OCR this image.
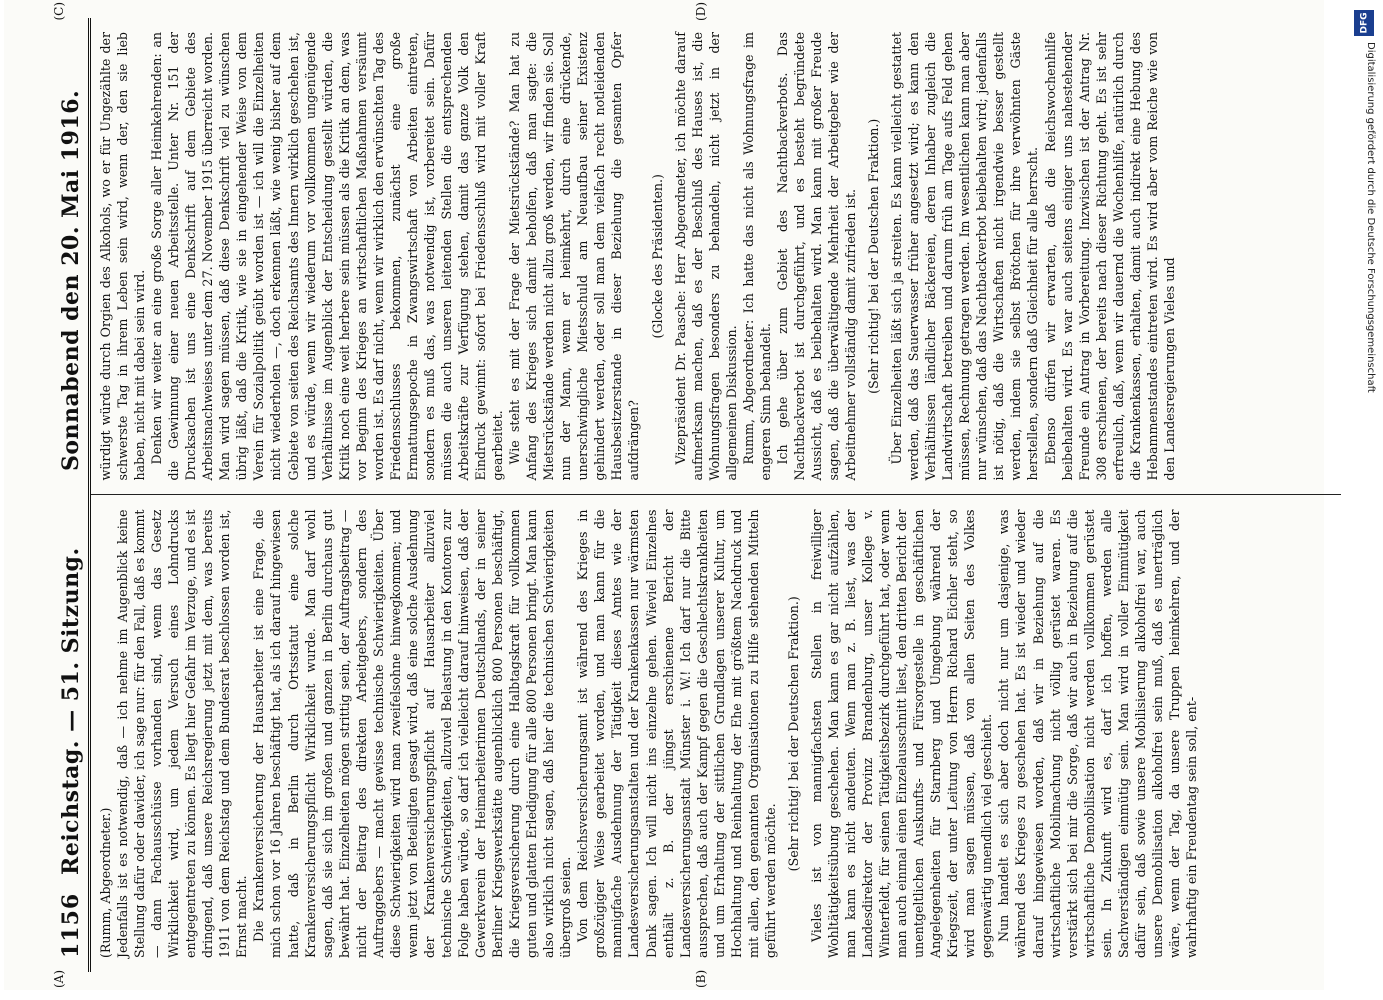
1156
Reichstag. — 51. Sitzung.  Sonnabend den 20. Mai 1916.

(Rumm, Abgeordneter.) Jedenfalls ist es notwendig, daß — ich nehme im Augenblick keine Stellung dafür oder dawider, ich sage nur: für den Fall, daß es kommt — dann Fachausschüsse vorhanden sind, wenn das Gesetz Wirklichkeit wird, um jedem Versuch eines Lohndrucks entgegentreten zu können. Es liegt hier Gefahr im Verzuge, und es ist dringend, daß unsere Reichsregierung jetzt mit dem, was bereits 1911 von dem Reichstag und dem Bundesrat beschlossen worden ist, Ernst macht. Die Krankenversicherung der Hausarbeiter ist eine Frage, die mich schon vor 16 Jahren beschäftigt hat, als ich darauf hingewiesen hatte, daß in Berlin durch Ortsstatut eine solche Krankenversicherungspflicht Wirklichkeit wurde. Man darf wohl sagen, daß sie sich im großen und ganzen in Berlin durchaus gut bewährt hat. Einzelheiten mögen strittig sein, der Auftragsbeitrag — nicht der Beitrag des direkten Arbeitgebers, sondern des Auftraggebers — macht gewisse technische Schwierigkeiten. Über diese Schwierigkeiten wird man zweifelsohne hinwegkommen; und wenn jetzt von Beteiligten gesagt wird, daß eine solche Ausdehnung der Krankenversicherungspflicht auf Hausarbeiter allzuviel technische Schwierigkeiten, allzuviel Belastung in den Kontoren zur Folge haben würde, so darf ich vielleicht darauf hinweisen, daß der Gewerkverein der Heimarbeiterinnen Deutschlands, der in seiner Berliner Kriegswerkstätte augenblicklich 800 Personen beschäftigt, die Kriegsversicherung durch eine Halbtagskraft für vollkommen guten und glatten Erledigung für alle 800 Personen bringt. Man kann also wirklich nicht sagen, daß hier die technischen Schwierigkeiten übergroß seien. Von dem Reichsversicherungsamt ist während des Krieges in großzügiger Weise gearbeitet worden, und man kann für die mannigfache Ausdehnung der Tätigkeit dieses Amtes wie der Landesversicherungsanstalten und der Krankenkassen nur wärmsten Dank sagen. Ich will nicht ins einzelne gehen. Wieviel Einzelnes enthält z. B. der jüngst erschienene Bericht der Landesversicherungsanstalt Münster i. W.! Ich darf nur die Bitte aussprechen, daß auch der Kampf gegen die Geschlechtskrankheiten und um Erhaltung der sittlichen Grundlagen unserer Kultur, um Hochhaltung und Reinhaltung der Ehe mit größtem Nachdruck und mit allen, den genannten Organisationen zu Hilfe stehenden Mitteln geführt werden möchte.

(Sehr richtig! bei der Deutschen Fraktion.) Vieles ist von mannigfachsten Stellen in freiwilliger Wohltätigkeitsübung geschehen. Man kann es gar nicht aufzählen, man kann es nicht andeuten. Wenn man z. B. liest, was der Landesdirektor der Provinz Brandenburg, unser Kollege v. Winterfeldt, für seinen Tätigkeitsbezirk durchgeführt hat, oder wenn man auch einmal einen Einzelausschnitt liest, den dritten Bericht der unentgeltlichen Auskunfts- und Fürsorgestelle in geschäftlichen Angelegenheiten für Starnberg und Umgebung während der Kriegszeit, der unter Leitung von Herrn Richard Eichler steht, so wird man sagen müssen, daß von allen Seiten des Volkes gegenwärtig unendlich viel geschieht. Nun handelt es sich aber doch nicht nur um dasjenige, was während des Krieges zu geschehen hat. Es ist wieder und wieder darauf hingewiesen worden, daß wir in Beziehung auf die wirtschaftliche Mobilmachung nicht völlig gerüstet waren. Es verstärkt sich bei mir die Sorge, daß wir auch in Beziehung auf die wirtschaftliche Demobilisation nicht werden vollkommen gerüstet sein. In Zukunft wird es, darf ich hoffen, werden alle Sachverständigen einmütig sein. Man wird in voller Einmütigkeit dafür sein, daß sowie unsere Mobilisierung alkoholfrei war, auch unsere Demobilisation alkoholfrei sein muß, daß es unerträglich wäre, wenn der Tag, da unsere Truppen heimkehren, und der wahrhaftig ein Freudentag sein soll, ent-

würdigt würde durch Orgien des Alkohols, wo er für Ungezählte der schwerste Tag in ihrem Leben sein wird, wenn der, den sie lieb haben, nicht mit dabei sein wird. Denken wir weiter an eine große Sorge aller Heimkehrenden: an die Gewinnung einer neuen Arbeitsstelle. Unter Nr. 151 der Drucksachen ist uns eine Denkschrift auf dem Gebiete des Arbeitsnachweises unter dem 27. November 1915 überreicht worden. Man wird sagen müssen, daß diese Denkschrift viel zu wünschen übrig läßt, daß die Kritik, wie sie in eingehender Weise von dem Verein für Sozialpolitik geübt worden ist — ich will die Einzelheiten nicht wiederholen —, doch erkennen läßt, wie wenig bisher auf dem Gebiete von seiten des Reichsamts des Innern wirklich geschehen ist, und es würde, wenn wir wiederum vor vollkommen ungenügende Verhältnisse im Augenblick der Entscheidung gestellt würden, die Kritik noch eine weit herbere sein müssen als die Kritik an dem, was vor Beginn des Krieges an wirtschaftlichen Maßnahmen versäumt worden ist. Es darf nicht, wenn wir wirklich den erwünschten Tag des Friedensschlusses bekommen, zunächst eine große Ermattungsepoche in Zwangswirtschaft von Arbeiten eintreten, sondern es muß das, was notwendig ist, vorbereitet sein. Dafür müssen die auch unseren leitenden Stellen die entsprechenden Arbeitskräfte zur Verfügung stehen, damit das ganze Volk den Eindruck gewinnt: sofort bei Friedensschluß wird mit voller Kraft gearbeitet. Wie steht es mit der Frage der Mietsrückstände? Man hat zu Anfang des Krieges sich damit beholfen, daß man sagte: die Mietsrückstände werden nicht allzu groß werden, wir finden sie. Soll nun der Mann, wenn er heimkehrt, durch eine drückende, unerschwingliche Mietsschuld am Neuaufbau seiner Existenz gehindert werden, oder soll man dem vielfach recht notleidenden Hausbesitzerstande in dieser Beziehung die gesamten Opfer aufdrängen?

(Glocke des Präsidenten.) Vizepräsident Dr. Paasche: Herr Abgeordneter, ich möchte darauf aufmerksam machen, daß es der Beschluß des Hauses ist, die Wohnungsfragen besonders zu behandeln, nicht jetzt in der allgemeinen Diskussion. Rumm, Abgeordneter: Ich hatte das nicht als Wohnungsfrage im engeren Sinn behandelt. Ich gehe über zum Gebiet des Nachtbackverbots. Das Nachtbackverbot ist durchgeführt, und es besteht begründete Aussicht, daß es beibehalten wird. Man kann mit großer Freude sagen, daß die überwältigende Mehrheit der Arbeitgeber wie der Arbeitnehmer vollständig damit zufrieden ist. (Sehr richtig! bei der Deutschen Fraktion.) Über Einzelheiten läßt sich ja streiten. Es kann vielleicht gestattet werden, daß das Sauerwasser früher angesetzt wird; es kann den Verhältnissen ländlicher Bäckereien, deren Inhaber zugleich die Landwirtschaft betreiben und darum früh am Tage aufs Feld gehen müssen, Rechnung getragen werden. Im wesentlichen kann man aber nur wünschen, daß das Nachtbackverbot beibehalten wird; jedenfalls ist nötig, daß die Wirtschaften nicht irgendwie besser gestellt werden, indem sie selbst Brötchen für ihre verwöhnten Gäste herstellen, sondern daß Gleichheit für alle herrscht. Ebenso dürfen wir erwarten, daß die Reichswochenhilfe beibehalten wird. Es war auch seitens einiger uns nahestehender Freunde ein Antrag in Vorbereitung. Inzwischen ist der Antrag Nr. 308 erschienen, der bereits nach dieser Richtung geht. Es ist sehr erfreulich, daß, wenn wir dauernd die Wochenhilfe, natürlich durch die Krankenkassen, erhalten, damit auch indirekt eine Hebung des Hebammenstandes eintreten wird. Es wird aber vom Reiche wie von den Landesregierungen Vieles und

(A)	(B)
(C)	(D)
DFG
Digitalisierung gefördert durch die Deutsche Forschungsgemeinschaft
